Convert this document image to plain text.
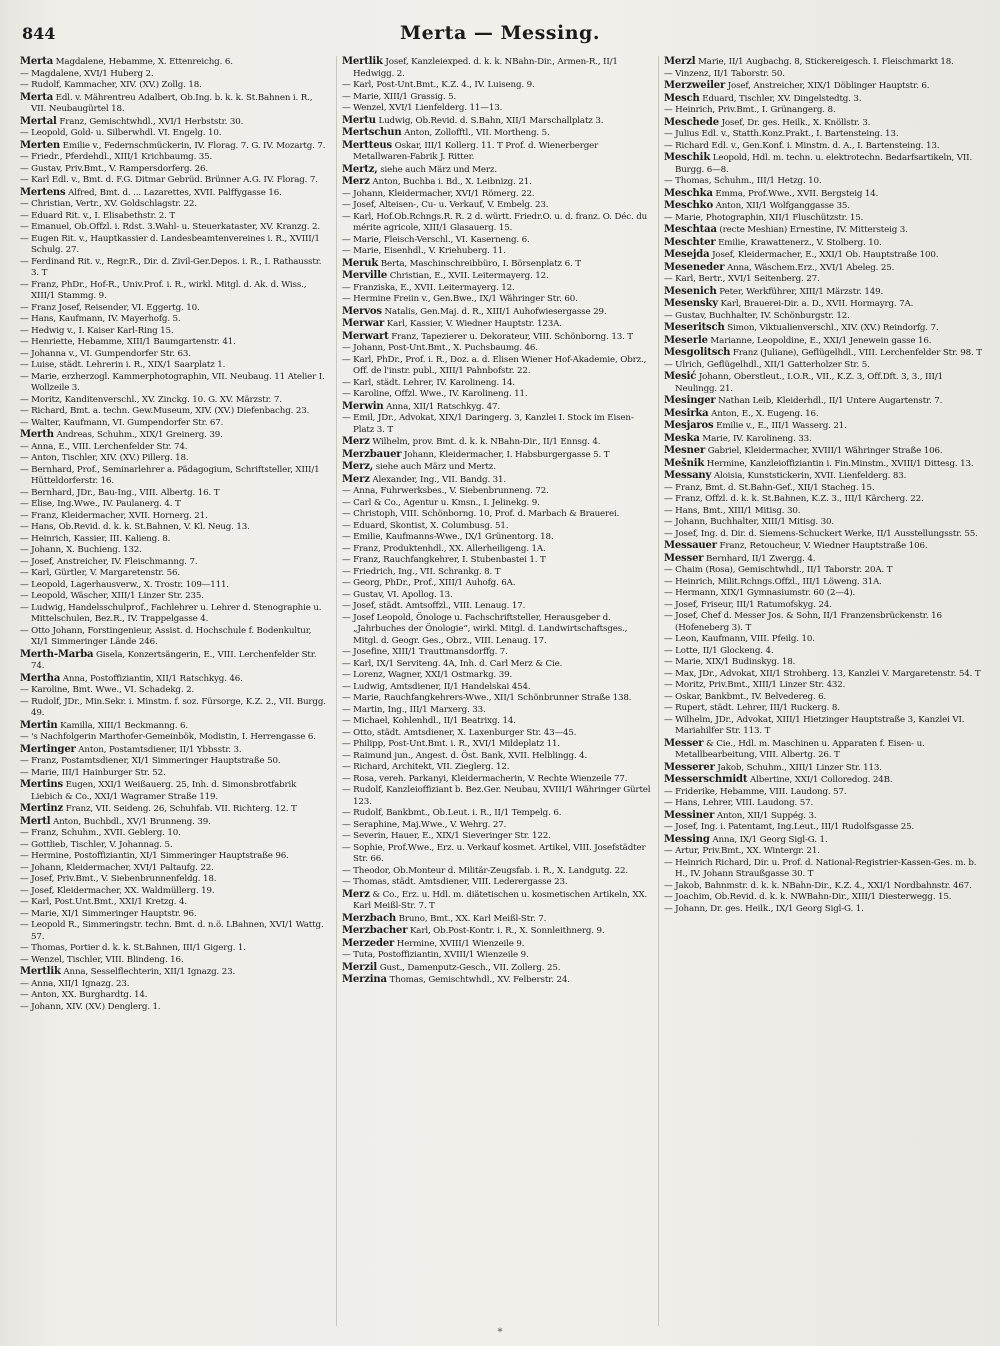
844	Merta — Messing.

Merta Magdalene, Hebamme, X. Ettenreichg. 6.

— Magdalene, XVI/1 Huberg 2.

— Rudolf, Kammacher, XIV. (XV.) Zollg. 18.

Merta Edl. v. Mährentreu Adalbert, Ob.Ing. b. k. k. St.Bahnen i. R., VII. Neubaugürtel 18.

Mertal Franz, Gemischtwhdl., XVI/1 Herbststr. 30.

— Leopold, Gold- u. Silberwhdl. VI. Engelg. 10.

Merten Emilie v., Federnschmückerin, IV. Florag. 7. G. IV. Mozartg. 7.

— Friedr., Pferdehdl., XIII/1 Krichbaumg. 35.

— Gustav, Priv.Bmt., V. Rampersdorferg. 26.

— Karl Edl. v., Bmt. d. F.G. Ditmar Gebrüd. Brünner A.G. IV. Florag. 7.

Mertens Alfred, Bmt. d. ... Lazarettes, XVII. Palffygasse 16.

— Christian, Vertr., XV. Goldschlagstr. 22.

— Eduard Rit. v., I. Elisabethstr. 2. T

— Emanuel, Ob.Offzl. i. Rdst. 3.Wahl- u. Steuerkataster, XV. Kranzg. 2.

— Eugen Rit. v., Hauptkassier d. Landesbeamtenvereines i. R., XVIII/1 Schulg. 27.

— Ferdinand Rit. v., Regr.R., Dir. d. Zivil-Ger.Depos. i. R., I. Rathausstr. 3. T

— Franz, PhDr., Hof-R., Univ.Prof. i. R., wirkl. Mitgl. d. Ak. d. Wiss., XIII/1 Stammg. 9.

— Franz Josef, Reisender, VI. Eggertg. 10.

— Hans, Kaufmann, IV. Mayerhofg. 5.

— Hedwig v., I. Kaiser Karl-Ring 15.

— Henriette, Hebamme, XIII/1 Baumgartenstr. 41.

— Johanna v., VI. Gumpendorfer Str. 63.

— Luise, städt. Lehrerin i. R., XIX/1 Saarplatz 1.

— Marie, erzherzogl. Kammerphotographin, VII. Neubaug. 11 Atelier I. Wollzeile 3.

— Moritz, Kanditenverschl., XV. Zinckg. 10. G. XV. Märzstr. 7.

— Richard, Bmt. a. techn. Gew.Museum, XIV. (XV.) Diefenbachg. 23.

— Walter, Kaufmann, VI. Gumpendorfer Str. 67.

Merth Andreas, Schuhm., XIX/1 Greinerg. 39.

— Anna, E., VIII. Lerchenfelder Str. 74.

— Anton, Tischler, XIV. (XV.) Pillerg. 18.

— Bernhard, Prof., Seminarlehrer a. Pädagogium, Schriftsteller, XIII/1 Hütteldorferstr. 16.

— Bernhard, JDr., Bau-Ing., VIII. Albertg. 16. T

— Elise, Ing.Wwe., IV. Paulanerg. 4. T

— Franz, Kleidermacher, XVII. Hornerg. 21.

— Hans, Ob.Revid. d. k. k. St.Bahnen, V. Kl. Neug. 13.

— Heinrich, Kassier, III. Kalieng. 8.

— Johann, X. Buchieng. 132.

— Josef, Anstreicher, IV. Fleischmanng. 7.

— Karl, Gürtler, V. Margaretenstr. 56.

— Leopold, Lagerhausverw., X. Trostr. 109—111.

— Leopold, Wäscher, XIII/1 Linzer Str. 235.

— Ludwig, Handelsschulprof., Fachlehrer u. Lehrer d. Stenographie u. Mittelschulen, Bez.R., IV. Trappelgasse 4.

— Otto Johann, Forstingenieur, Assist. d. Hochschule f. Bodenkultur, XI/1 Simmeringer Lände 246.

Merth-Marba Gisela, Konzertsängerin, E., VIII. Lerchenfelder Str. 74.

Mertha Anna, Postoffiziantin, XII/1 Ratschkyg. 46.

— Karoline, Bmt. Wwe., VI. Schadekg. 2.

— Rudolf, JDr., Min.Sekr. i. Minstm. f. soz. Fürsorge, K.Z. 2., VII. Burgg. 49.

Mertin Kamilla, XIII/1 Beckmanng. 6.

— 's Nachfolgerin Marthofer-Gemeinbök, Modistin, I. Herrengasse 6.

Mertinger Anton, Postamtsdiener, II/1 Ybbsstr. 3.

— Franz, Postamtsdiener, XI/1 Simmeringer Hauptstraße 50.

— Marie, III/1 Hainburger Str. 52.

Mertins Eugen, XXI/1 Weißauerg. 25, Inh. d. Simonsbrotfabrik Liebich & Co., XXI/1 Wagramer Straße 119.

Mertinz Franz, VII. Seideng. 26, Schuhfab. VII. Richterg. 12. T

Mertl Anton, Buchbdl., XV/1 Brunneng. 39.

— Franz, Schuhm., XVII. Geblerg. 10.

— Gottlieb, Tischler, V. Johannag. 5.

— Hermine, Postoffiziantin, XI/1 Simmeringer Hauptstraße 96.

— Johann, Kleidermacher, XVI/1 Paltaufg. 22.

— Josef, Priv.Bmt., V. Siebenbrunnenfeldg. 18.

— Josef, Kleidermacher, XX. Waldmüllerg. 19.

— Karl, Post.Unt.Bmt., XXI/1 Kretzg. 4.

— Marie, XI/1 Simmeringer Hauptstr. 96.

— Leopold R., Simmeringstr. techn. Bmt. d. n.ö. LBahnen, XVI/1 Wattg. 57.

— Thomas, Portier d. k. k. St.Bahnen, III/1 Gigerg. 1.

— Wenzel, Tischler, VIII. Blindeng. 16.

Mertlik Anna, Sesselflechterin, XII/1 Ignazg. 23.

— Anna, XII/1 Ignazg. 23.

— Anton, XX. Burghardtg. 14.

— Johann, XIV. (XV.) Denglerg. 1.

Mertlik Josef, Kanzleiexped. d. k. k. NBahn-Dir., Armen-R., II/1 Hedwigg. 2.

— Karl, Post-Unt.Bmt., K.Z. 4., IV. Luiseng. 9.

— Marie, XIII/1 Grassig. 5.

— Wenzel, XVI/1 Lienfelderg. 11—13.

Mertu Ludwig, Ob.Revid. d. S.Bahn, XII/1 Marschallplatz 3.

Mertschun Anton, Zollofftl., VII. Mortheng. 5.

Mertteus Oskar, III/1 Kollerg. 11. T Prof. d. Wienerberger Metallwaren-Fabrik J. Ritter.

Mertz, siehe auch März und Merz.

Merz Anton, Buchba i. Bd., X. Leibnizg. 21.

— Johann, Kleidermacher, XVI/1 Römerg. 22.

— Josef, Alteisen-, Cu- u. Verkauf, V. Embelg. 23.

— Karl, Hof.Ob.Rchngs.R. R. 2 d. württ. Friedr.O. u. d. franz. O. Déc. du mérite agricole, XIII/1 Glasauerg. 15.

— Marie, Fleisch-Verschl., VI. Kaserneng. 6.

— Marie, Eisenhdl., V. Kriehuberg. 11.

Meruk Berta, Maschinschreibbüro, I. Börsenplatz 6. T

Merville Christian, E., XVII. Leitermayerg. 12.

— Franziska, E., XVII. Leitermayerg. 12.

— Hermine Freiin v., Gen.Bwe., IX/1 Währinger Str. 60.

Mervos Natalis, Gen.Maj. d. R., XIII/1 Auhofwiesergasse 29.

Merwar Karl, Kassier, V. Wiedner Hauptstr. 123A.

Merwart Franz, Tapezierer u. Dekorateur, VIII. Schönborng. 13. T

— Johann, Post-Unt.Bmt., X. Puchsbaumg. 46.

— Karl, PhDr., Prof. i. R., Doz. a. d. Elisen Wiener Hof-Akademie, Obrz., Off. de l'instr. publ., XIII/1 Pahnbofstr. 22.

— Karl, städt. Lehrer, IV. Karolineng. 14.

— Karoline, Offzl. Wwe., IV. Karolineng. 11.

Merwin Anna, XII/1 Ratschkyg. 47.

— Emil, JDr., Advokat, XIX/1 Daringerg. 3, Kanzlei I. Stock im Eisen-Platz 3. T

Merz Wilhelm, prov. Bmt. d. k. k. NBahn-Dir., II/1 Ennsg. 4.

Merzbauer Johann, Kleidermacher, I. Habsburgergasse 5. T

Merz, siehe auch März und Mertz.

Merz Alexander, Ing., VII. Bandg. 31.

— Anna, Fuhrwerksbes., V. Siebenbrunneng. 72.

— Carl & Co., Agentur u. Kmsn., I. Jelinekg. 9.

— Christoph, VIII. Schönborng. 10, Prof. d. Marbach & Brauerei.

— Eduard, Skontist, X. Columbusg. 51.

— Emilie, Kaufmanns-Wwe., IX/1 Grünentorg. 18.

— Franz, Produktenhdl., XX. Allerheiligeng. 1A.

— Franz, Rauchfangkehrer, I. Stubenbastei 1. T

— Friedrich, Ing., VII. Schrankg. 8. T

— Georg, PhDr., Prof., XIII/1 Auhofg. 6A.

— Gustav, VI. Apollog. 13.

— Josef, städt. Amtsoffzl., VIII. Lenaug. 17.

— Josef Leopold, Önologe u. Fachschriftsteller, Herausgeber d. „Jahrbuches der Önologie“, wirkl. Mitgl. d. Landwirtschaftsges., Mitgl. d. Geogr. Ges., Obrz., VIII. Lenaug. 17.

— Josefine, XIII/1 Trauttmansdorffg. 7.

— Karl, IX/1 Serviteng. 4A, Inh. d. Carl Merz & Cie.

— Lorenz, Wagner, XXI/1 Ostmarkg. 39.

— Ludwig, Amtsdiener, II/1 Handelskai 454.

— Marie, Rauchfangkehrers-Wwe., XII/1 Schönbrunner Straße 138.

— Martin, Ing., III/1 Marxerg. 33.

— Michael, Kohlenhdl., II/1 Beatrixg. 14.

— Otto, städt. Amtsdiener, X. Laxenburger Str. 43—45.

— Philipp, Post-Unt.Bmt. i. R., XVI/1 Mildeplatz 11.

— Raimund jun., Angest. d. Öst. Bank, XVII. Helblingg. 4.

— Richard, Architekt, VII. Zieglerg. 12.

— Rosa, vereh. Parkanyi, Kleidermacherin, V. Rechte Wienzeile 77.

— Rudolf, Kanzleioffiziant b. Bez.Ger. Neubau, XVIII/1 Währinger Gürtel 123.

— Rudolf, Bankbmt., Ob.Leut. i. R., II/1 Tempelg. 6.

— Seraphine, Maj.Wwe., V. Wehrg. 27.

— Severin, Hauer, E., XIX/1 Sieveringer Str. 122.

— Sophie, Prof.Wwe., Erz. u. Verkauf kosmet. Artikel, VIII. Josefstädter Str. 66.

— Theodor, Ob.Monteur d. Militär-Zeugsfab. i. R., X. Landgutg. 22.

— Thomas, städt. Amtsdiener, VIII. Lederergasse 23.

Merz & Co., Erz. u. Hdl. m. diätetischen u. kosmetischen Artikeln, XX. Karl Meißl-Str. 7. T

Merzbach Bruno, Bmt., XX. Karl Meißl-Str. 7.

Merzbacher Karl, Ob.Post-Kontr. i. R., X. Sonnleithnerg. 9.

Merzeder Hermine, XVIII/1 Wienzeile 9.

— Tuta, Postoffiziantin, XVIII/1 Wienzeile 9.

Merzil Gust., Damenputz-Gesch., VII. Zollerg. 25.

Merzina Thomas, Gemischtwhdl., XV. Felberstr. 24.

Merzl Marie, II/1 Augbachg. 8, Stickereigesch. I. Fleischmarkt 18.

— Vinzenz, II/1 Taborstr. 50.

Merzweiler Josef, Anstreicher, XIX/1 Döblinger Hauptstr. 6.

Mesch Eduard, Tischler, XV. Dingelstedtg. 3.

— Heinrich, Priv.Bmt., I. Grünangerg. 8.

Meschede Josef, Dr. ges. Heilk., X. Knöllstr. 3.

— Julius Edl. v., Statth.Konz.Prakt., I. Bartensteing. 13.

— Richard Edl. v., Gen.Konf. i. Minstm. d. A., I. Bartensteing. 13.

Meschik Leopold, Hdl. m. techn. u. elektrotechn. Bedarfsartikeln, VII. Burgg. 6—8.

— Thomas, Schuhm., III/1 Hetzg. 10.

Meschka Emma, Prof.Wwe., XVII. Bergsteig 14.

Meschko Anton, XII/1 Wolfganggasse 35.

— Marie, Photographin, XII/1 Fluschützstr. 15.

Meschtaa (recte Meshian) Ernestine, IV. Mittersteig 3.

Meschter Emilie, Krawattenerz., V. Stolberg. 10.

Mesejda Josef, Kleidermacher, E., XXI/1 Ob. Hauptstraße 100.

Meseneder Anna, Wäschem.Erz., XVI/1 Abeleg. 25.

— Karl, Bertr., XVI/1 Seitenberg. 27.

Mesenich Peter, Werkführer, XIII/1 Märzstr. 149.

Mesensky Karl, Brauerei-Dir. a. D., XVII. Hormayrg. 7A.

— Gustav, Buchhalter, IV. Schönburgstr. 12.

Meseritsch Simon, Viktualienverschl., XIV. (XV.) Reindorfg. 7.

Meserle Marianne, Leopoldine, E., XXI/1 Jenewein gasse 16.

Mesgolitsch Franz (Juliane), Geflügelhdl., VIII. Lerchenfelder Str. 98. T

— Ulrich, Geflügelhdl., XII/1 Gatterholzer Str. 5.

Mesić Johann, Oberstleut., I.O.R., VII., K.Z. 3, Off.Dft. 3, 3., III/1 Neulingg. 21.

Mesinger Nathan Leib, Kleiderhdl., II/1 Untere Augartenstr. 7.

Mesirka Anton, E., X. Eugeng. 16.

Mesjaros Emilie v., E., III/1 Wasserg. 21.

Meska Marie, IV. Karolineng. 33.

Mesner Gabriel, Kleidermacher, XVIII/1 Währinger Straße 106.

Mešnik Hermine, Kanzleioffiziantin i. Fin.Minstm., XVIII/1 Dittesg. 13.

Messany Aloisia, Kunststickerin, XVII. Lienfelderg. 83.

— Franz, Bmt. d. St.Bahn-Gef., XII/1 Stacheg. 15.

— Franz, Offzl. d. k. k. St.Bahnen, K.Z. 3., III/1 Kärcherg. 22.

— Hans, Bmt., XIII/1 Mitisg. 30.

— Johann, Buchhalter, XIII/1 Mitisg. 30.

— Josef, Ing. d. Dir. d. Siemens-Schuckert Werke, II/1 Ausstellungsstr. 55.

Messauer Franz, Retoucheur, V. Wiedner Hauptstraße 106.

Messer Bernhard, II/1 Zwergg. 4.

— Chaim (Rosa), Gemischtwhdl., II/1 Taborstr. 20A. T

— Heinrich, Milit.Rchngs.Offzl., III/1 Löweng. 31A.

— Hermann, XIX/1 Gymnasiumstr. 60 (2—4).

— Josef, Friseur, III/1 Ratumofskyg. 24.

— Josef, Chef d. Messer Jos. & Sohn, II/1 Franzensbrückenstr. 16 (Hofeneberg 3). T

— Leon, Kaufmann, VIII. Pfeilg. 10.

— Lotte, II/1 Glockeng. 4.

— Marie, XIX/1 Budinskyg. 18.

— Max, JDr., Advokat, XII/1 Strohberg. 13, Kanzlei V. Margaretenstr. 54. T

— Moritz, Priv.Bmt., XIII/1 Linzer Str. 432.

— Oskar, Bankbmt., IV. Belvedereg. 6.

— Rupert, städt. Lehrer, III/1 Ruckerg. 8.

— Wilhelm, JDr., Advokat, XIII/1 Hietzinger Hauptstraße 3, Kanzlei VI. Mariahilfer Str. 113. T

Messer & Cie., Hdl. m. Maschinen u. Apparaten f. Eisen- u. Metallbearbeitung, VIII. Albertg. 26. T

Messerer Jakob, Schuhm., XIII/1 Linzer Str. 113.

Messerschmidt Albertine, XXI/1 Colloredog. 24B.

— Friderike, Hebamme, VIII. Laudong. 57.

— Hans, Lehrer, VIII. Laudong. 57.

Messiner Anton, XII/1 Suppég. 3.

— Josef, Ing. i. Patentamt, Ing.Leut., III/1 Rudolfsgasse 25.

Messing Anna, IX/1 Georg Sigl-G. 1.

— Artur, Priv.Bmt., XX. Wintergr. 21.

— Heinrich Richard, Dir. u. Prof. d. National-Registrier-Kassen-Ges. m. b. H., IV. Johann Straußgasse 30. T

— Jakob, Bahnmstr. d. k. k. NBahn-Dir., K.Z. 4., XXI/1 Nordbahnstr. 467.

— Joachim, Ob.Revid. d. k. k. NWBahn-Dir., XIII/1 Diesterwegg. 15.

— Johann, Dr. ges. Heilk., IX/1 Georg Sigl-G. 1.

*
